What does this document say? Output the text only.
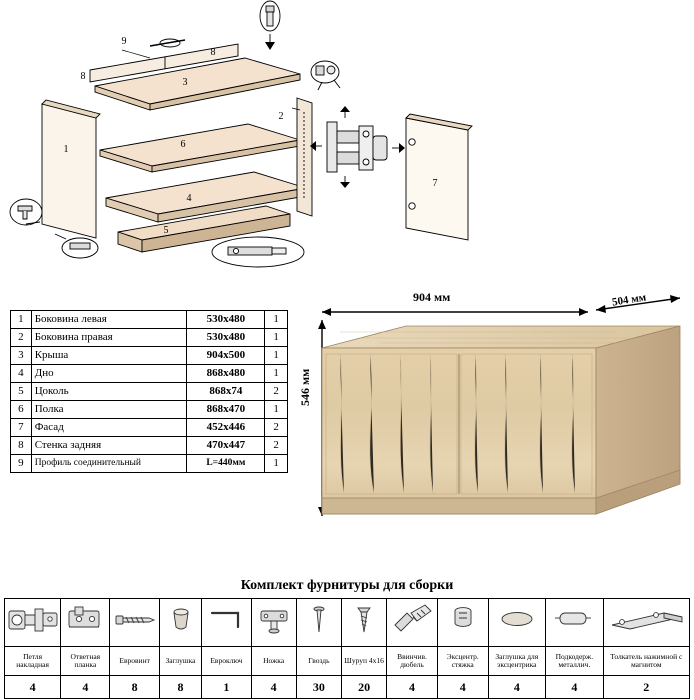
1
2
3
4
5
6
7
8
8
9
1	Боковина левая	530х480	1
2	Боковина правая	530х480	1
3	Крыша	904х500	1
4	Дно	868х480	1
5	Цоколь	868х74	2
6	Полка	868х470	1
7	Фасад	452х446	2
8	Стенка задняя	470х447	2
9	Профиль соединительный	L=440мм	1
904 мм	504 мм
546 мм
Комплект фурнитуры для сборки

Петля накладная	Ответная планка	Евровинт	Заглушка	Евроключ	Ножка	Гвоздь	Шуруп 4х16	Ввинчив. дюбель	Эксцентр. стяжка	Заглушка для эксцентрика	Подкодерж. металлич.	Толкатель нажимной с магнитом
4	4	8	8	1	4	30	20	4	4	4	4	2
